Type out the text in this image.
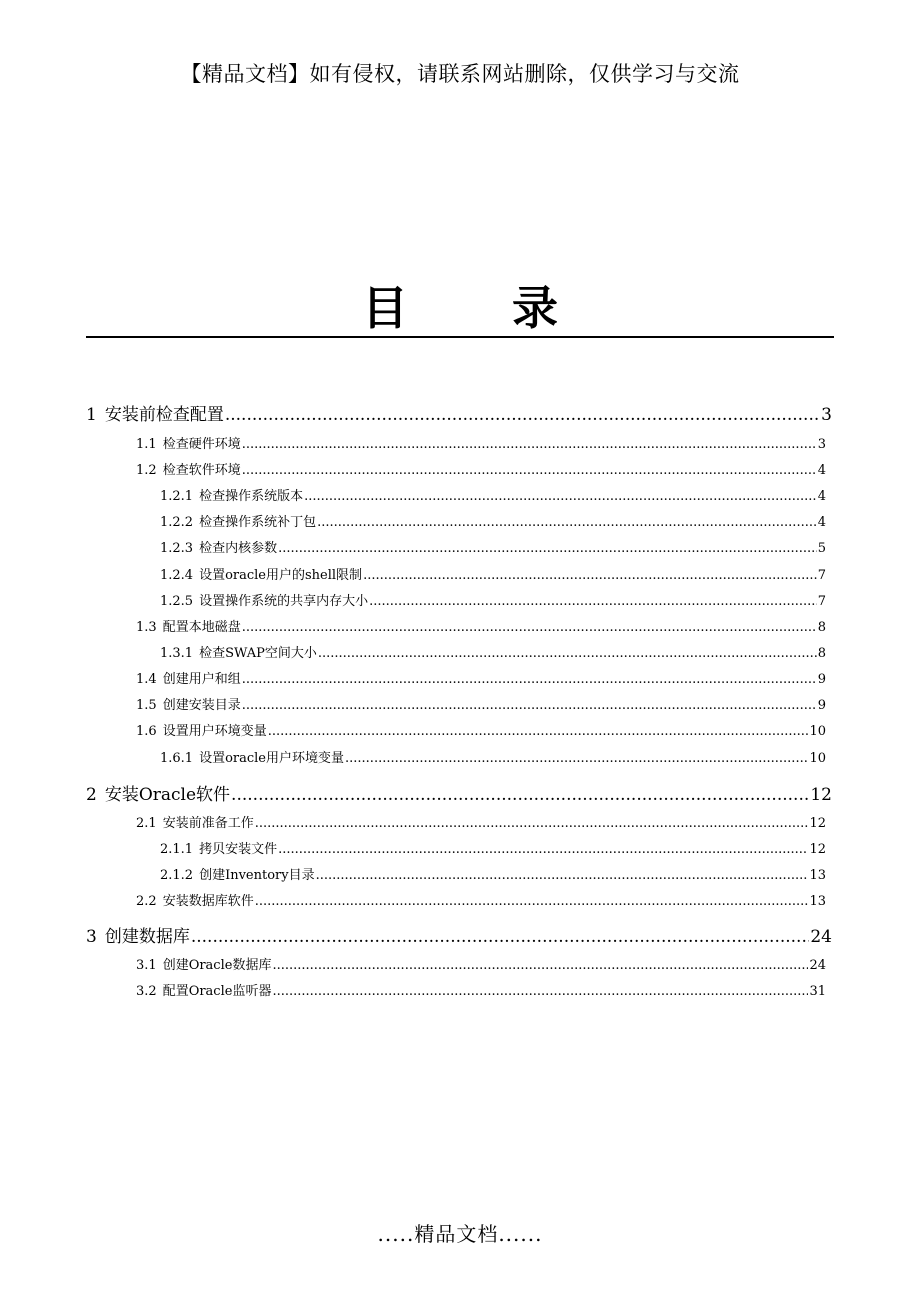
【精品文档】如有侵权，请联系网站删除，仅供学习与交流
目 录
1 安装前检查配置 .....	3
1.1 检查硬件环境 .....	3
1.2 检查软件环境 .....	4
1.2.1 检查操作系统版本 .....	4
1.2.2 检查操作系统补丁包 .....	4
1.2.3 检查内核参数 .....	5
1.2.4 设置oracle用户的shell限制 .....	7
1.2.5 设置操作系统的共享内存大小 .....	7
1.3 配置本地磁盘 .....	8
1.3.1 检查SWAP空间大小 .....	8
1.4 创建用户和组 .....	9
1.5 创建安装目录 .....	9
1.6 设置用户环境变量 .....	10
1.6.1 设置oracle用户环境变量 .....	10
2 安装Oracle软件 .....	12
2.1 安装前准备工作 .....	12
2.1.1 拷贝安装文件 .....	12
2.1.2 创建Inventory目录 .....	13
2.2 安装数据库软件 .....	13
3 创建数据库 .....	24
3.1 创建Oracle数据库 .....	24
3.2 配置Oracle监听器 .....	31
.....精品文档......
